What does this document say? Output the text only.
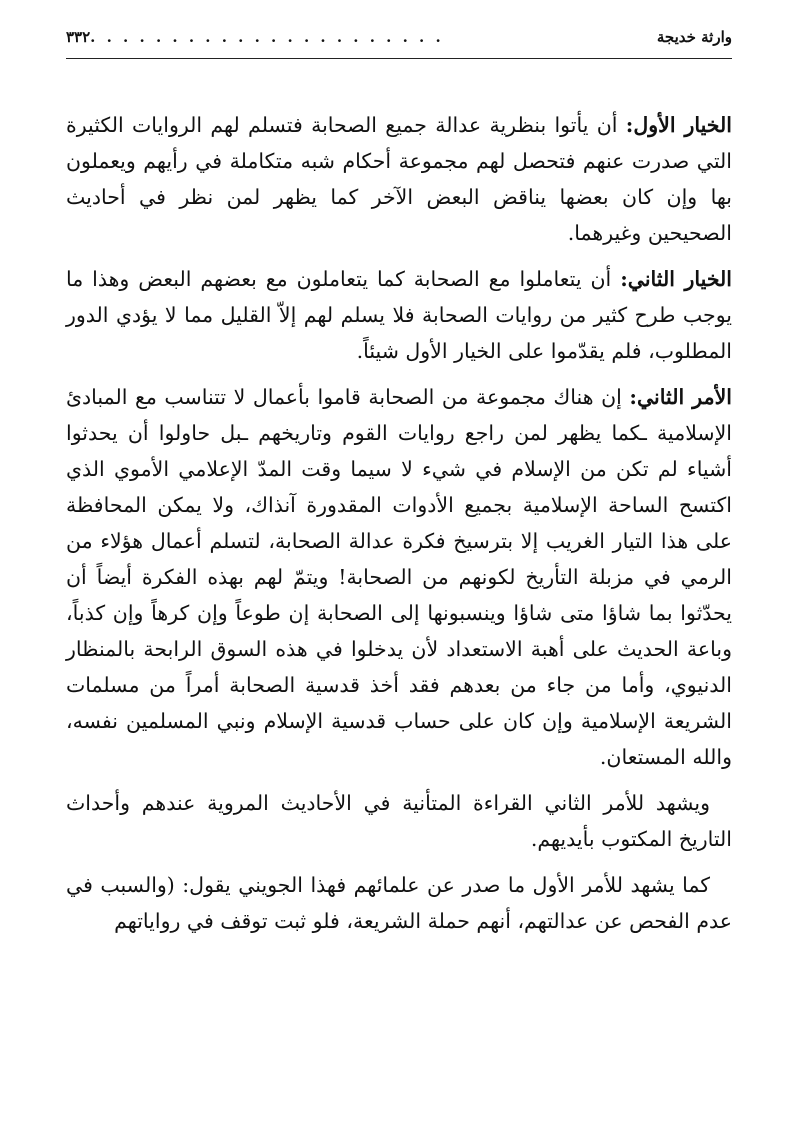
وارثة خديجة
٣٣٢ . . . . . . . . . . . . . . . . . . . . . .

الخيار الأول: أن يأتوا بنظرية عدالة جميع الصحابة فتسلم لهم الروايات الكثيرة التي صدرت عنهم فتحصل لهم مجموعة أحكام شبه متكاملة في رأيهم ويعملون بها وإن كان بعضها يناقض البعض الآخر كما يظهر لمن نظر في أحاديث الصحيحين وغيرهما.

الخيار الثاني: أن يتعاملوا مع الصحابة كما يتعاملون مع بعضهم البعض وهذا ما يوجب طرح كثير من روايات الصحابة فلا يسلم لهم إلاّ القليل مما لا يؤدي الدور المطلوب، فلم يقدّموا على الخيار الأول شيئاً.

الأمر الثاني: إن هناك مجموعة من الصحابة قاموا بأعمال لا تتناسب مع المبادئ الإسلامية ـكما يظهر لمن راجع روايات القوم وتاريخهم ـبل حاولوا أن يحدثوا أشياء لم تكن من الإسلام في شيء لا سيما وقت المدّ الإعلامي الأموي الذي اكتسح الساحة الإسلامية بجميع الأدوات المقدورة آنذاك، ولا يمكن المحافظة على هذا التيار الغريب إلا بترسيخ فكرة عدالة الصحابة، لتسلم أعمال هؤلاء من الرمي في مزبلة التأريخ لكونهم من الصحابة! ويتمّ لهم بهذه الفكرة أيضاً أن يحدّثوا بما شاؤا متى شاؤا وينسبونها إلى الصحابة إن طوعاً وإن كرهاً وإن كذباً، وباعة الحديث على أهبة الاستعداد لأن يدخلوا في هذه السوق الرابحة بالمنظار الدنيوي، وأما من جاء من بعدهم فقد أخذ قدسية الصحابة أمراً من مسلمات الشريعة الإسلامية وإن كان على حساب قدسية الإسلام ونبي المسلمين نفسه، والله المستعان.

ويشهد للأمر الثاني القراءة المتأنية في الأحاديث المروية عندهم وأحداث التاريخ المكتوب بأيديهم.

كما يشهد للأمر الأول ما صدر عن علمائهم فهذا الجويني يقول: (والسبب في عدم الفحص عن عدالتهم، أنهم حملة الشريعة، فلو ثبت توقف في رواياتهم
